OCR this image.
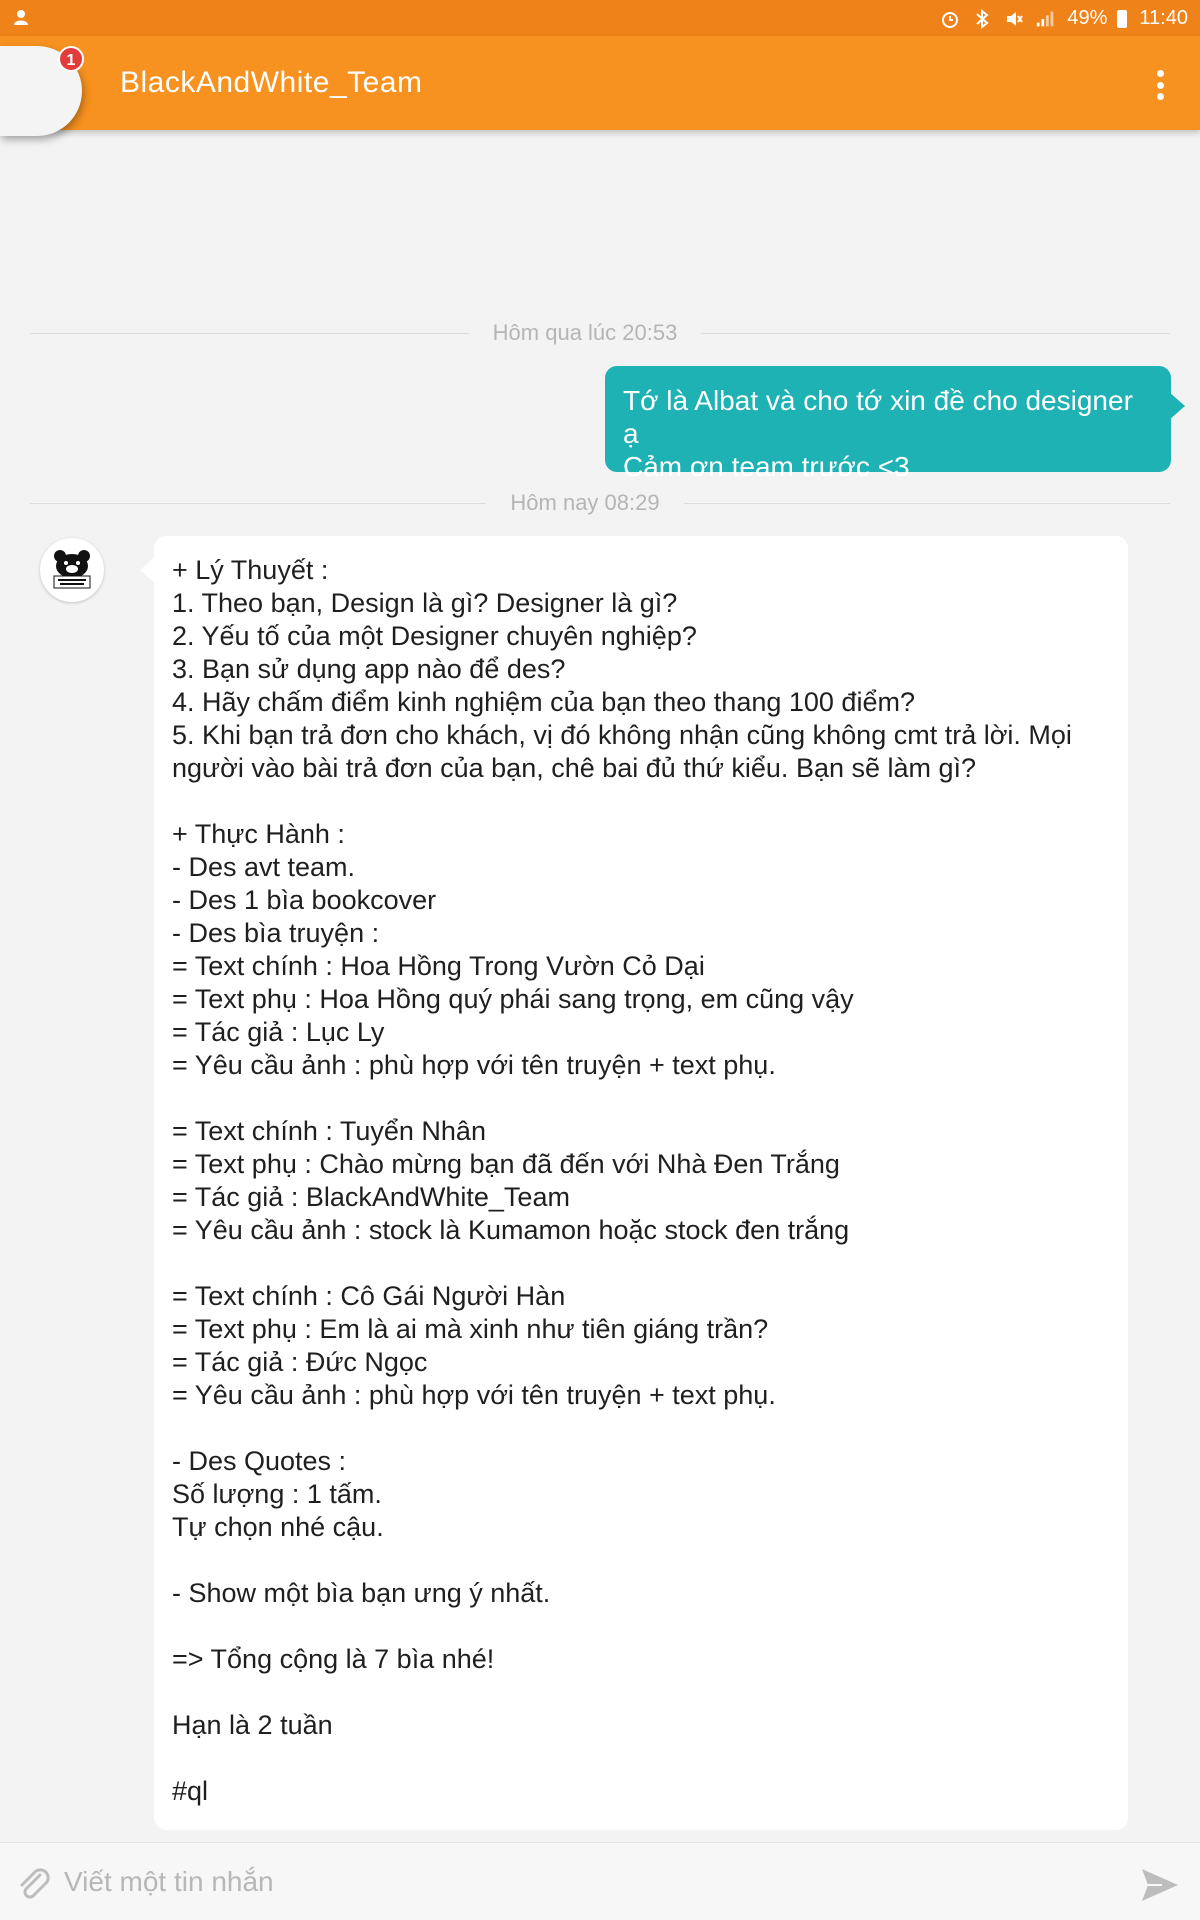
49% 11:40
1
BlackAndWhite_Team
Hôm qua lúc 20:53
Tớ là Albat và cho tớ xin đề cho designer ạ
Cảm ơn team trước <3
Hôm nay 08:29
+ Lý Thuyết :
1. Theo bạn, Design là gì? Designer là gì?
2. Yếu tố của một Designer chuyên nghiệp?
3. Bạn sử dụng app nào để des?
4. Hãy chấm điểm kinh nghiệm của bạn theo thang 100 điểm?
5. Khi bạn trả đơn cho khách, vị đó không nhận cũng không cmt trả lời. Mọi
người vào bài trả đơn của bạn, chê bai đủ thứ kiểu. Bạn sẽ làm gì?
+ Thực Hành :
- Des avt team.
- Des 1 bìa bookcover
- Des bìa truyện :
= Text chính : Hoa Hồng Trong Vườn Cỏ Dại
= Text phụ : Hoa Hồng quý phái sang trọng, em cũng vậy
= Tác giả : Lục Ly
= Yêu cầu ảnh : phù hợp với tên truyện + text phụ.
= Text chính : Tuyển Nhân
= Text phụ : Chào mừng bạn đã đến với Nhà Đen Trắng
= Tác giả : BlackAndWhite_Team
= Yêu cầu ảnh : stock là Kumamon hoặc stock đen trắng
= Text chính : Cô Gái Người Hàn
= Text phụ : Em là ai mà xinh như tiên giáng trần?
= Tác giả : Đức Ngọc
= Yêu cầu ảnh : phù hợp với tên truyện + text phụ.
- Des Quotes :
Số lượng : 1 tấm.
Tự chọn nhé cậu.
- Show một bìa bạn ưng ý nhất.
=> Tổng cộng là 7 bìa nhé!
Hạn là 2 tuần
#ql
Viết một tin nhắn
